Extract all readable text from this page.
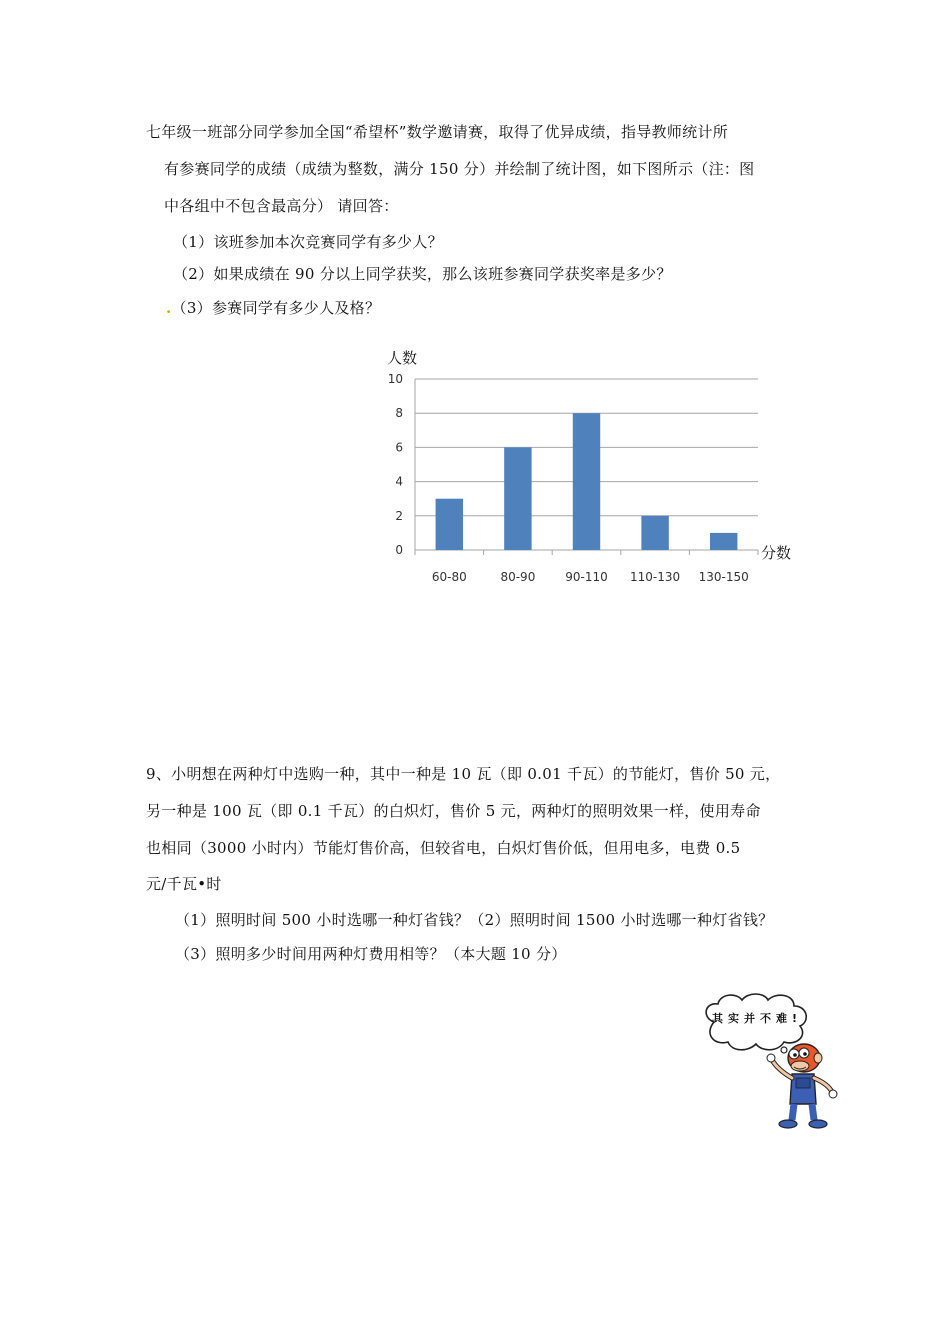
七年级一班部分同学参加全国“希望杯”数学邀请赛，取得了优异成绩，指导教师统计所
有参赛同学的成绩（成绩为整数，满分 150 分）并绘制了统计图，如下图所示（注：图
中各组中不包含最高分） 请回答：
（1）该班参加本次竞赛同学有多少人？
（2）如果成绩在 90 分以上同学获奖，那么该班参赛同学获奖率是多少？
.（3）参赛同学有多少人及格？
0
2
4
6
8
10
60-80	80-90 90-110 110-130 130-150
人数
分数
9、小明想在两种灯中选购一种，其中一种是 10 瓦（即 0.01 千瓦）的节能灯，售价 50 元，
另一种是 100 瓦（即 0.1 千瓦）的白炽灯，售价 5 元，两种灯的照明效果一样，使用寿命
也相同（3000 小时内）节能灯售价高，但较省电，白炽灯售价低，但用电多，电费 0.5
元/千瓦•时
（1）照明时间 500 小时选哪一种灯省钱？（2）照明时间 1500 小时选哪一种灯省钱？
（3）照明多少时间用两种灯费用相等？（本大题 10 分）
其实并不难!
